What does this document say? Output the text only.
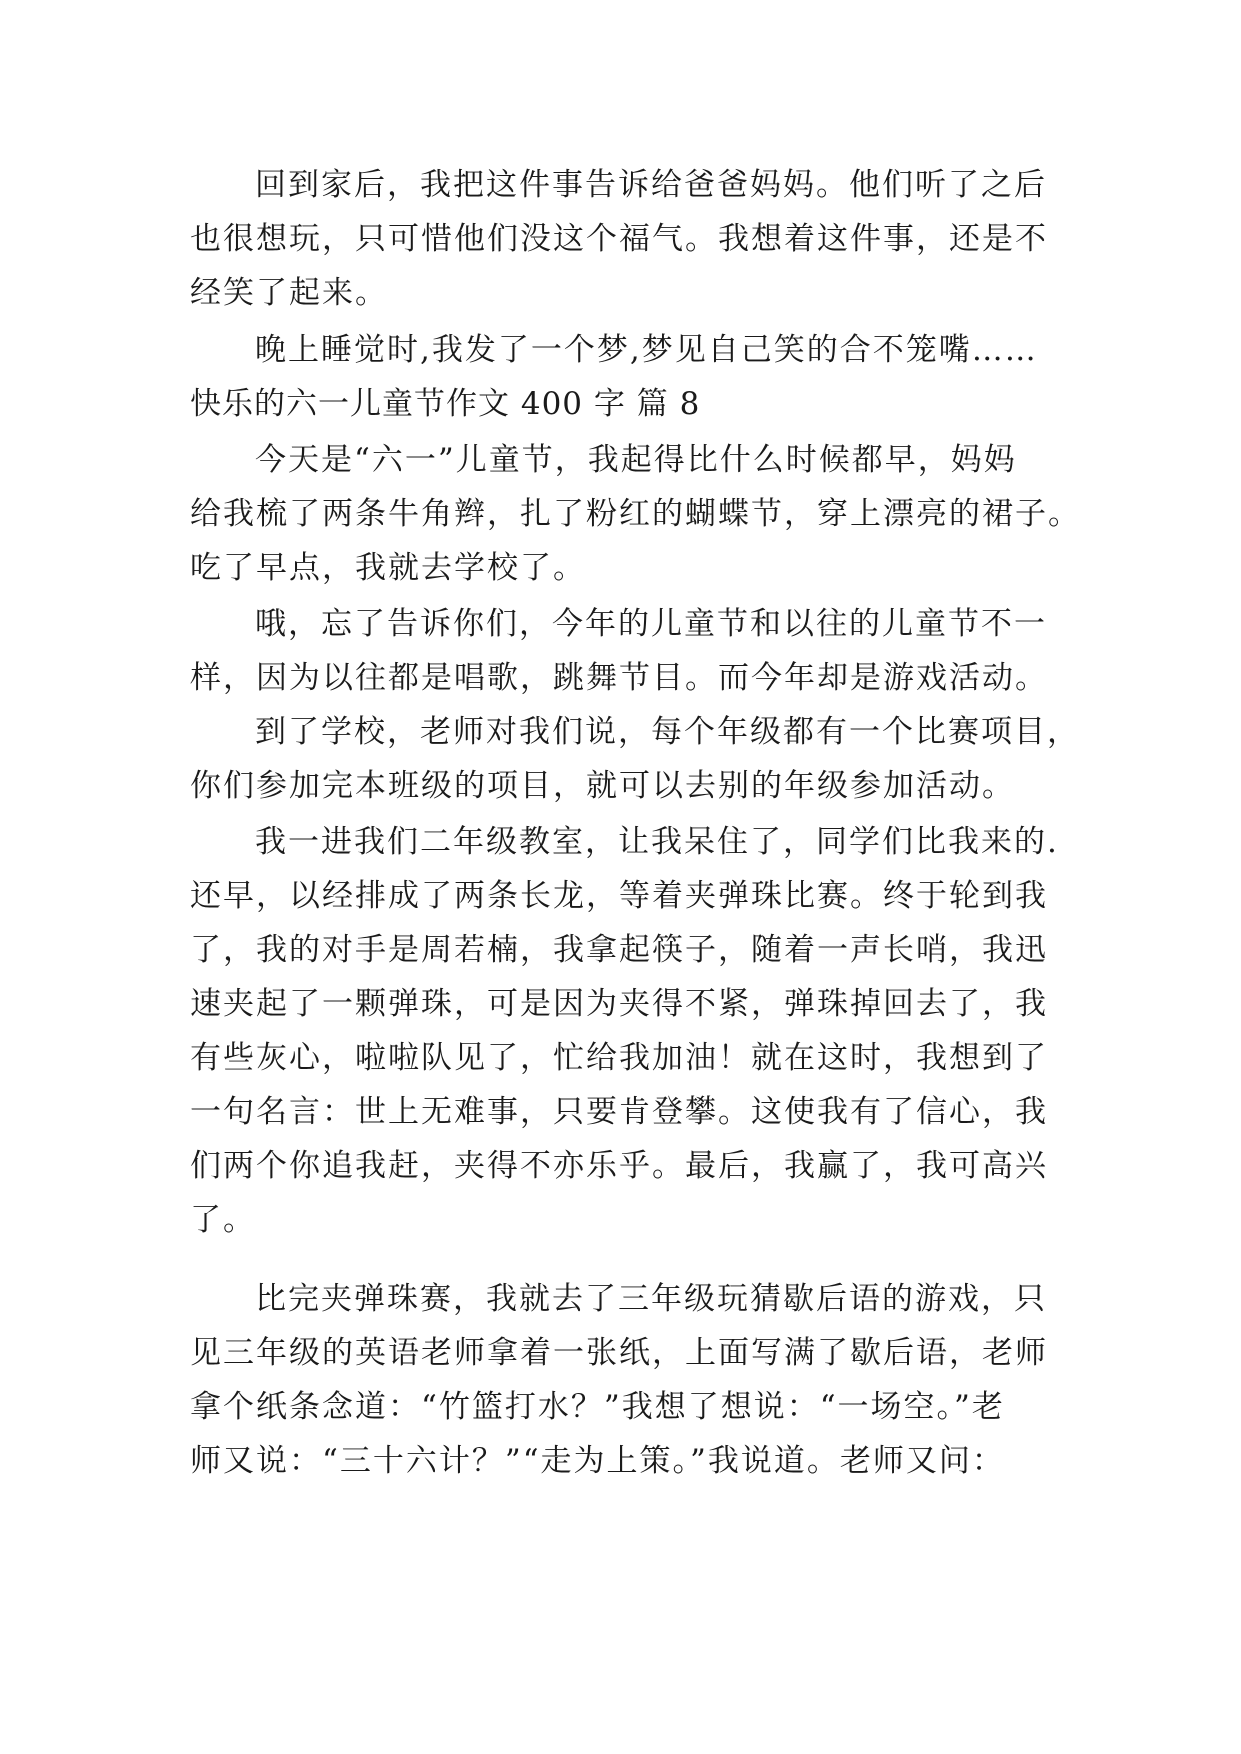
回到家后，我把这件事告诉给爸爸妈妈。他们听了之后
也很想玩，只可惜他们没这个福气。我想着这件事，还是不
经笑了起来。
晚上睡觉时,我发了一个梦,梦见自己笑的合不笼嘴……
快乐的六一儿童节作文 400 字 篇 8
今天是“六一”儿童节，我起得比什么时候都早，妈妈
给我梳了两条牛角辫，扎了粉红的蝴蝶节，穿上漂亮的裙子。
吃了早点，我就去学校了。
哦，忘了告诉你们，今年的儿童节和以往的儿童节不一
样，因为以往都是唱歌，跳舞节目。而今年却是游戏活动。
到了学校，老师对我们说，每个年级都有一个比赛项目，
你们参加完本班级的项目，就可以去别的年级参加活动。
我一进我们二年级教室，让我呆住了，同学们比我来的.
还早，以经排成了两条长龙，等着夹弹珠比赛。终于轮到我
了，我的对手是周若楠，我拿起筷子，随着一声长哨，我迅
速夹起了一颗弹珠，可是因为夹得不紧，弹珠掉回去了，我
有些灰心，啦啦队见了，忙给我加油！就在这时，我想到了
一句名言：世上无难事，只要肯登攀。这使我有了信心，我
们两个你追我赶，夹得不亦乐乎。最后，我赢了，我可高兴
了。
比完夹弹珠赛，我就去了三年级玩猜歇后语的游戏，只
见三年级的英语老师拿着一张纸，上面写满了歇后语，老师
拿个纸条念道：“竹篮打水？”我想了想说：“一场空。”老
师又说：“三十六计？”“走为上策。”我说道。老师又问：
